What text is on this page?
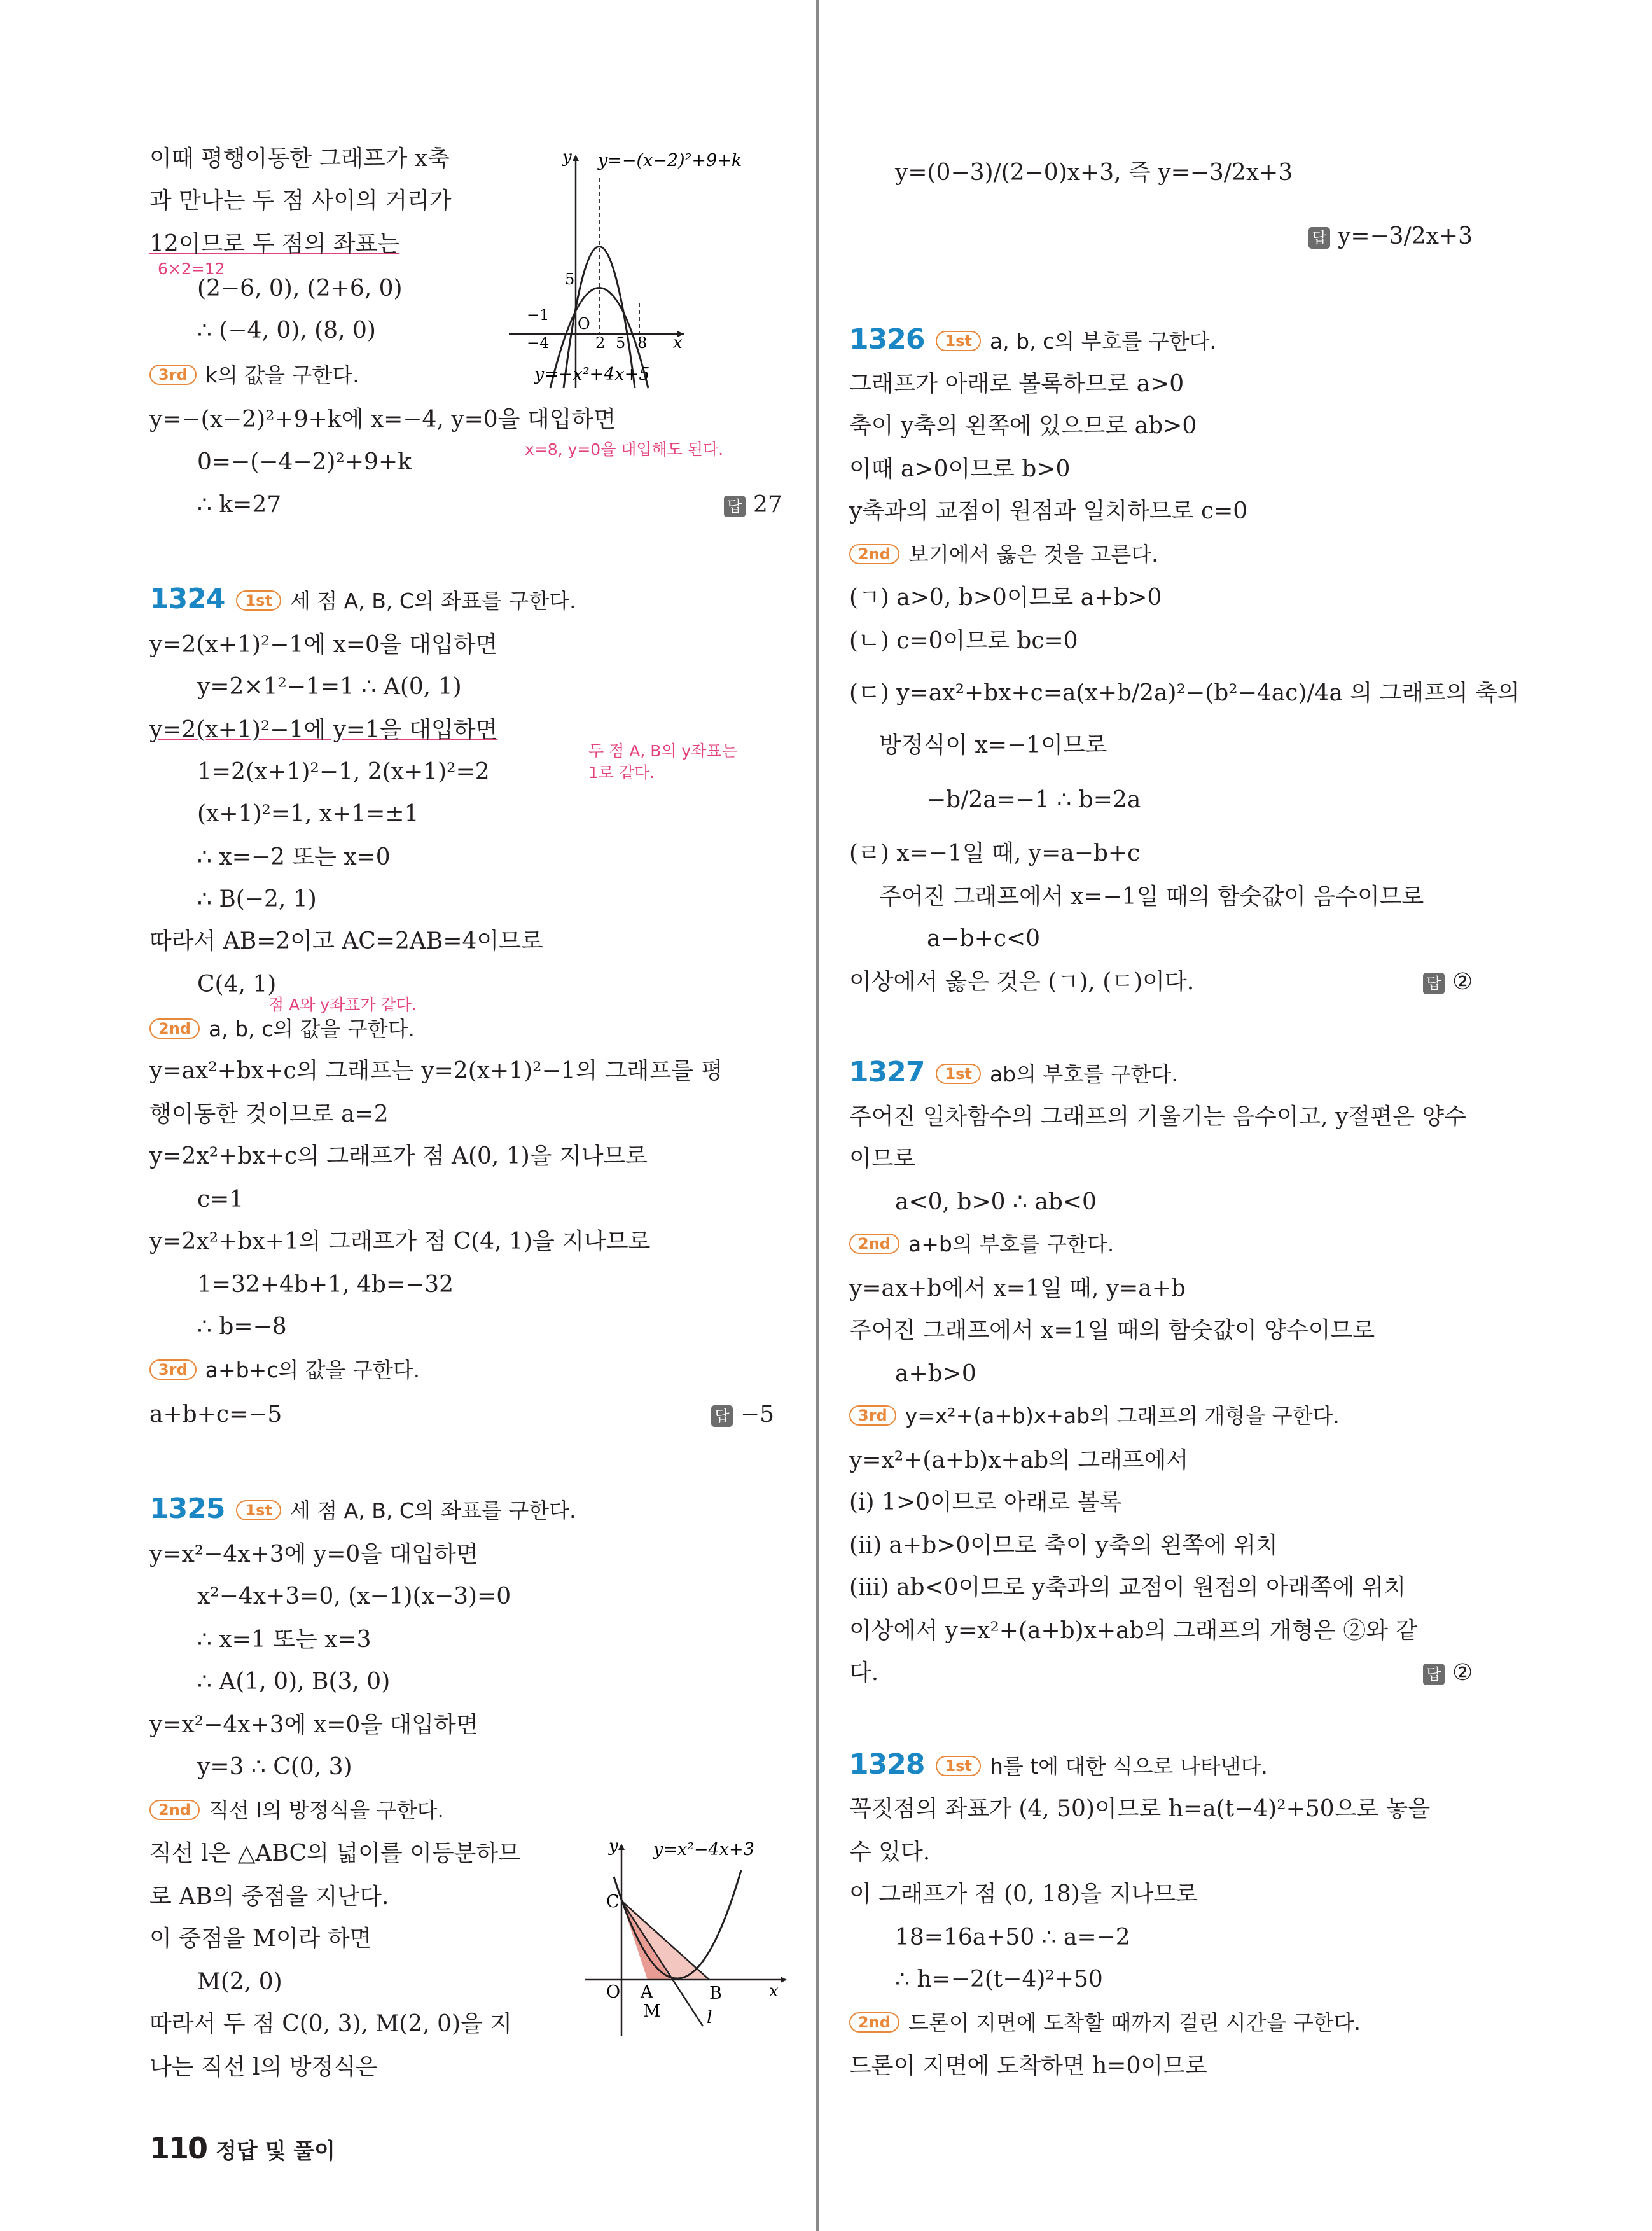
이때 평행이동한 그래프가 x축
과 만나는 두 점 사이의 거리가
12이므로 두 점의 좌표는
6×2=12
(2−6, 0), (2+6, 0)
∴ (−4, 0), (8, 0)
y y=−(x−2)²+9+k
5
−1 O
−4	2 5 8 x
y=−x²+4x+5
3rd k의 값을 구한다.
y=−(x−2)²+9+k에 x=−4, y=0을 대입하면
x=8, y=0을 대입해도 된다.
0=−(−4−2)²+9+k
∴ k=27	답 27
1324 1st 세 점 A, B, C의 좌표를 구한다.
y=2(x+1)²−1에 x=0을 대입하면
y=2×1²−1=1 ∴ A(0, 1)
y=2(x+1)²−1에 y=1을 대입하면
두 점 A, B의 y좌표는
1로 같다.
1=2(x+1)²−1, 2(x+1)²=2
(x+1)²=1, x+1=±1
∴ x=−2 또는 x=0
∴ B(−2, 1)
따라서 AB=2이고 AC=2AB=4이므로
C(4, 1)
점 A와 y좌표가 같다.
2nd a, b, c의 값을 구한다.
y=ax²+bx+c의 그래프는 y=2(x+1)²−1의 그래프를 평
행이동한 것이므로 a=2
y=2x²+bx+c의 그래프가 점 A(0, 1)을 지나므로
c=1
y=2x²+bx+1의 그래프가 점 C(4, 1)을 지나므로
1=32+4b+1, 4b=−32
∴ b=−8
3rd a+b+c의 값을 구한다.
a+b+c=−5	답 −5
1325 1st 세 점 A, B, C의 좌표를 구한다.
y=x²−4x+3에 y=0을 대입하면
x²−4x+3=0, (x−1)(x−3)=0
∴ x=1 또는 x=3
∴ A(1, 0), B(3, 0)
y=x²−4x+3에 x=0을 대입하면
y=3 ∴ C(0, 3)
2nd 직선 l의 방정식을 구한다.
직선 l은 △ABC의 넓이를 이등분하므
로 AB의 중점을 지난다.
이 중점을 M이라 하면
M(2, 0)
따라서 두 점 C(0, 3), M(2, 0)을 지
나는 직선 l의 방정식은
y y=x²−4x+3
C
O A	B
M
x
l
110 정답 및 풀이
y=(0−3)/(2−0)x+3, 즉 y=−3/2x+3
답 y=−3/2x+3
1326 1st a, b, c의 부호를 구한다.
그래프가 아래로 볼록하므로 a>0
축이 y축의 왼쪽에 있으므로 ab>0
이때 a>0이므로 b>0
y축과의 교점이 원점과 일치하므로 c=0
2nd 보기에서 옳은 것을 고른다.
(ㄱ) a>0, b>0이므로 a+b>0
(ㄴ) c=0이므로 bc=0
(ㄷ) y=ax²+bx+c=a(x+b/2a)²−(b²−4ac)/4a 의 그래프의 축의
방정식이 x=−1이므로
−b/2a=−1 ∴ b=2a
(ㄹ) x=−1일 때, y=a−b+c
주어진 그래프에서 x=−1일 때의 함숫값이 음수이므로
a−b+c<0
이상에서 옳은 것은 (ㄱ), (ㄷ)이다.	답 ②
1327 1st ab의 부호를 구한다.
주어진 일차함수의 그래프의 기울기는 음수이고, y절편은 양수
이므로
a<0, b>0 ∴ ab<0
2nd a+b의 부호를 구한다.
y=ax+b에서 x=1일 때, y=a+b
주어진 그래프에서 x=1일 때의 함숫값이 양수이므로
a+b>0
3rd y=x²+(a+b)x+ab의 그래프의 개형을 구한다.
y=x²+(a+b)x+ab의 그래프에서
(ⅰ) 1>0이므로 아래로 볼록
(ⅱ) a+b>0이므로 축이 y축의 왼쪽에 위치
(ⅲ) ab<0이므로 y축과의 교점이 원점의 아래쪽에 위치
이상에서 y=x²+(a+b)x+ab의 그래프의 개형은 ②와 같
다.	답 ②
1328 1st h를 t에 대한 식으로 나타낸다.
꼭짓점의 좌표가 (4, 50)이므로 h=a(t−4)²+50으로 놓을
수 있다.
이 그래프가 점 (0, 18)을 지나므로
18=16a+50 ∴ a=−2
∴ h=−2(t−4)²+50
2nd 드론이 지면에 도착할 때까지 걸린 시간을 구한다.
드론이 지면에 도착하면 h=0이므로
